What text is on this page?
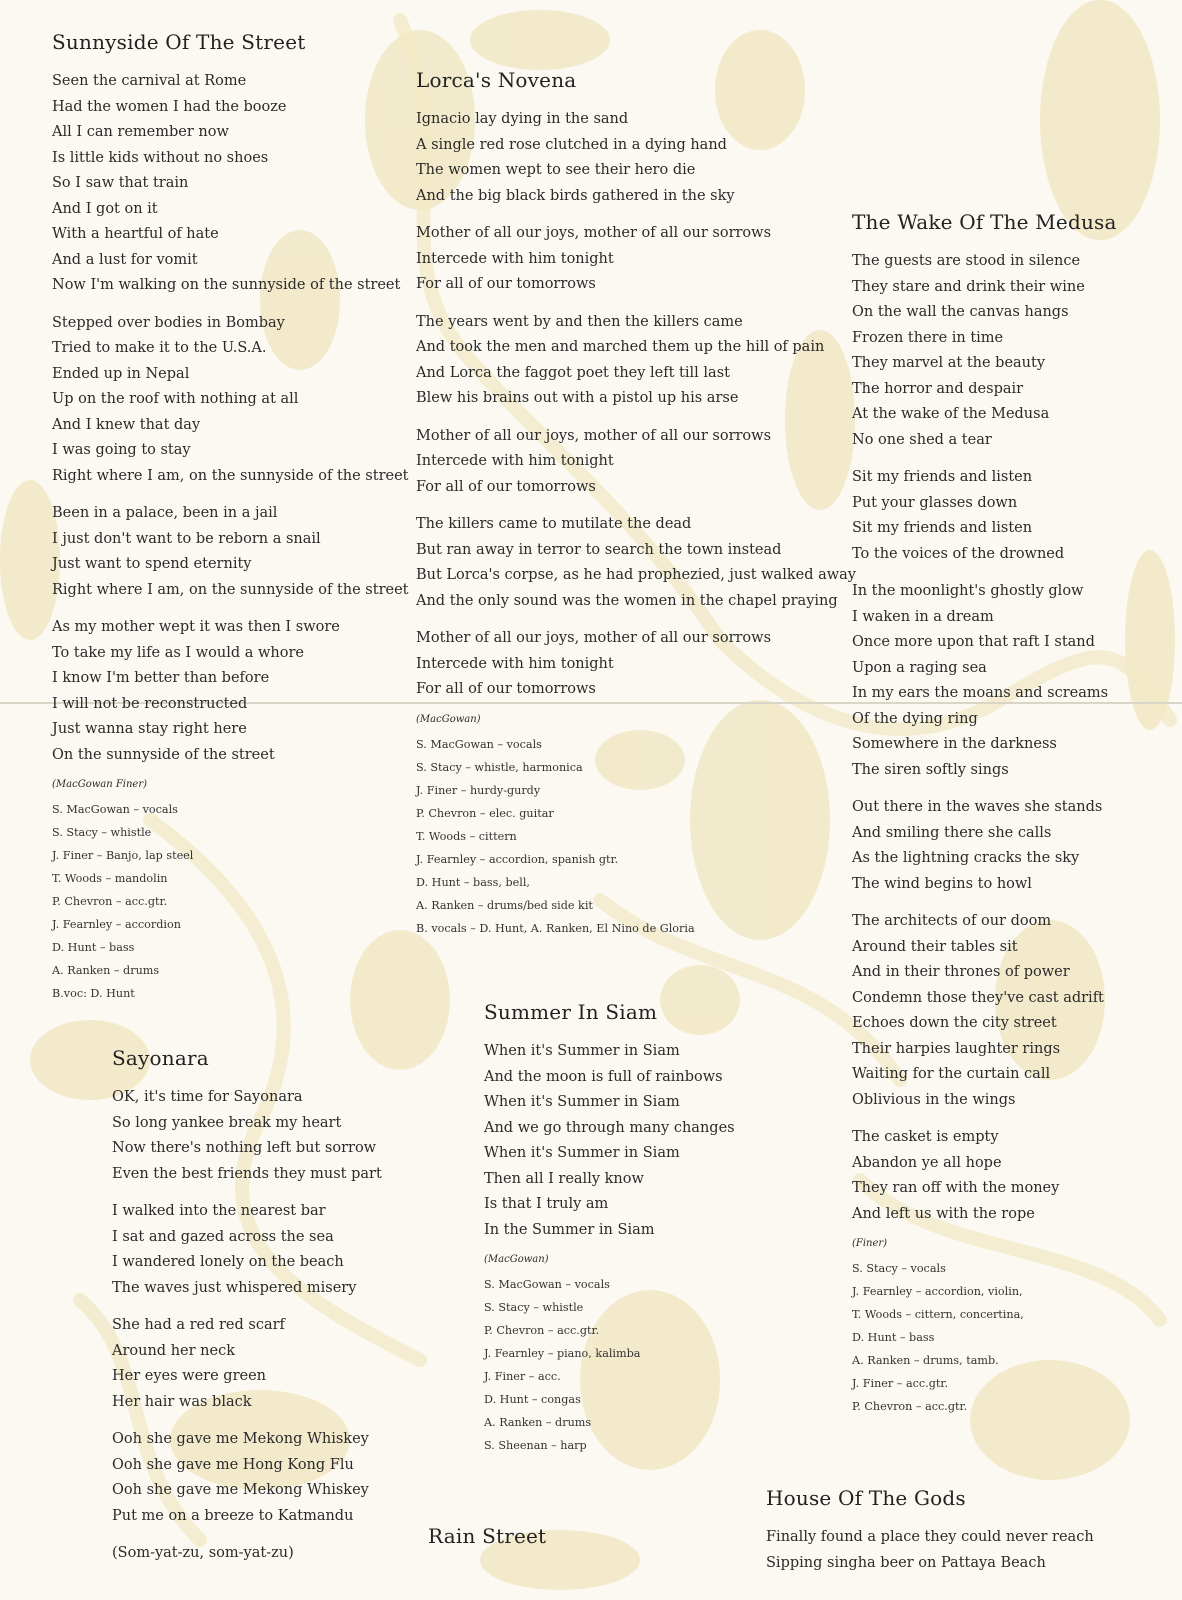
Sunnyside Of The Street
Seen the carnival at Rome
Had the women I had the booze
All I can remember now
Is little kids without no shoes
So I saw that train
And I got on it
With a heartful of hate
And a lust for vomit
Now I'm walking on the sunnyside of the street
Stepped over bodies in Bombay
Tried to make it to the U.S.A.
Ended up in Nepal
Up on the roof with nothing at all
And I knew that day
I was going to stay
Right where I am, on the sunnyside of the street
Been in a palace, been in a jail
I just don't want to be reborn a snail
Just want to spend eternity
Right where I am, on the sunnyside of the street
As my mother wept it was then I swore
To take my life as I would a whore
I know I'm better than before
I will not be reconstructed
Just wanna stay right here
On the sunnyside of the street
(MacGowan Finer)
S. MacGowan – vocals
S. Stacy – whistle
J. Finer – Banjo, lap steel
T. Woods – mandolin
P. Chevron – acc.gtr.
J. Fearnley – accordion
D. Hunt – bass
A. Ranken – drums
B.voc: D. Hunt
Lorca's Novena
Ignacio lay dying in the sand
A single red rose clutched in a dying hand
The women wept to see their hero die
And the big black birds gathered in the sky
Mother of all our joys, mother of all our sorrows
Intercede with him tonight
For all of our tomorrows
The years went by and then the killers came
And took the men and marched them up the hill of pain
And Lorca the faggot poet they left till last
Blew his brains out with a pistol up his arse
Mother of all our joys, mother of all our sorrows
Intercede with him tonight
For all of our tomorrows
The killers came to mutilate the dead
But ran away in terror to search the town instead
But Lorca's corpse, as he had prophezied, just walked away
And the only sound was the women in the chapel praying
Mother of all our joys, mother of all our sorrows
Intercede with him tonight
For all of our tomorrows
(MacGowan)
S. MacGowan – vocals
S. Stacy – whistle, harmonica
J. Finer – hurdy-gurdy
P. Chevron – elec. guitar
T. Woods – cittern
J. Fearnley – accordion, spanish gtr.
D. Hunt – bass, bell,
A. Ranken – drums/bed side kit
B. vocals – D. Hunt, A. Ranken, El Nino de Gloria
The Wake Of The Medusa
The guests are stood in silence
They stare and drink their wine
On the wall the canvas hangs
Frozen there in time
They marvel at the beauty
The horror and despair
At the wake of the Medusa
No one shed a tear
Sit my friends and listen
Put your glasses down
Sit my friends and listen
To the voices of the drowned
In the moonlight's ghostly glow
I waken in a dream
Once more upon that raft I stand
Upon a raging sea
In my ears the moans and screams
Of the dying ring
Somewhere in the darkness
The siren softly sings
Out there in the waves she stands
And smiling there she calls
As the lightning cracks the sky
The wind begins to howl
The architects of our doom
Around their tables sit
And in their thrones of power
Condemn those they've cast adrift
Echoes down the city street
Their harpies laughter rings
Waiting for the curtain call
Oblivious in the wings
The casket is empty
Abandon ye all hope
They ran off with the money
And left us with the rope
(Finer)
S. Stacy – vocals
J. Fearnley – accordion, violin,
T. Woods – cittern, concertina,
D. Hunt – bass
A. Ranken – drums, tamb.
J. Finer – acc.gtr.
P. Chevron – acc.gtr.
Sayonara
OK, it's time for Sayonara
So long yankee break my heart
Now there's nothing left but sorrow
Even the best friends they must part
I walked into the nearest bar
I sat and gazed across the sea
I wandered lonely on the beach
The waves just whispered misery
She had a red red scarf
Around her neck
Her eyes were green
Her hair was black
Ooh she gave me Mekong Whiskey
Ooh she gave me Hong Kong Flu
Ooh she gave me Mekong Whiskey
Put me on a breeze to Katmandu
(Som-yat-zu, som-yat-zu)
Summer In Siam
When it's Summer in Siam
And the moon is full of rainbows
When it's Summer in Siam
And we go through many changes
When it's Summer in Siam
Then all I really know
Is that I truly am
In the Summer in Siam
(MacGowan)
S. MacGowan – vocals
S. Stacy – whistle
P. Chevron – acc.gtr.
J. Fearnley – piano, kalimba
J. Finer – acc.
D. Hunt – congas
A. Ranken – drums
S. Sheenan – harp
Rain Street
House Of The Gods
Finally found a place they could never reach
Sipping singha beer on Pattaya Beach
